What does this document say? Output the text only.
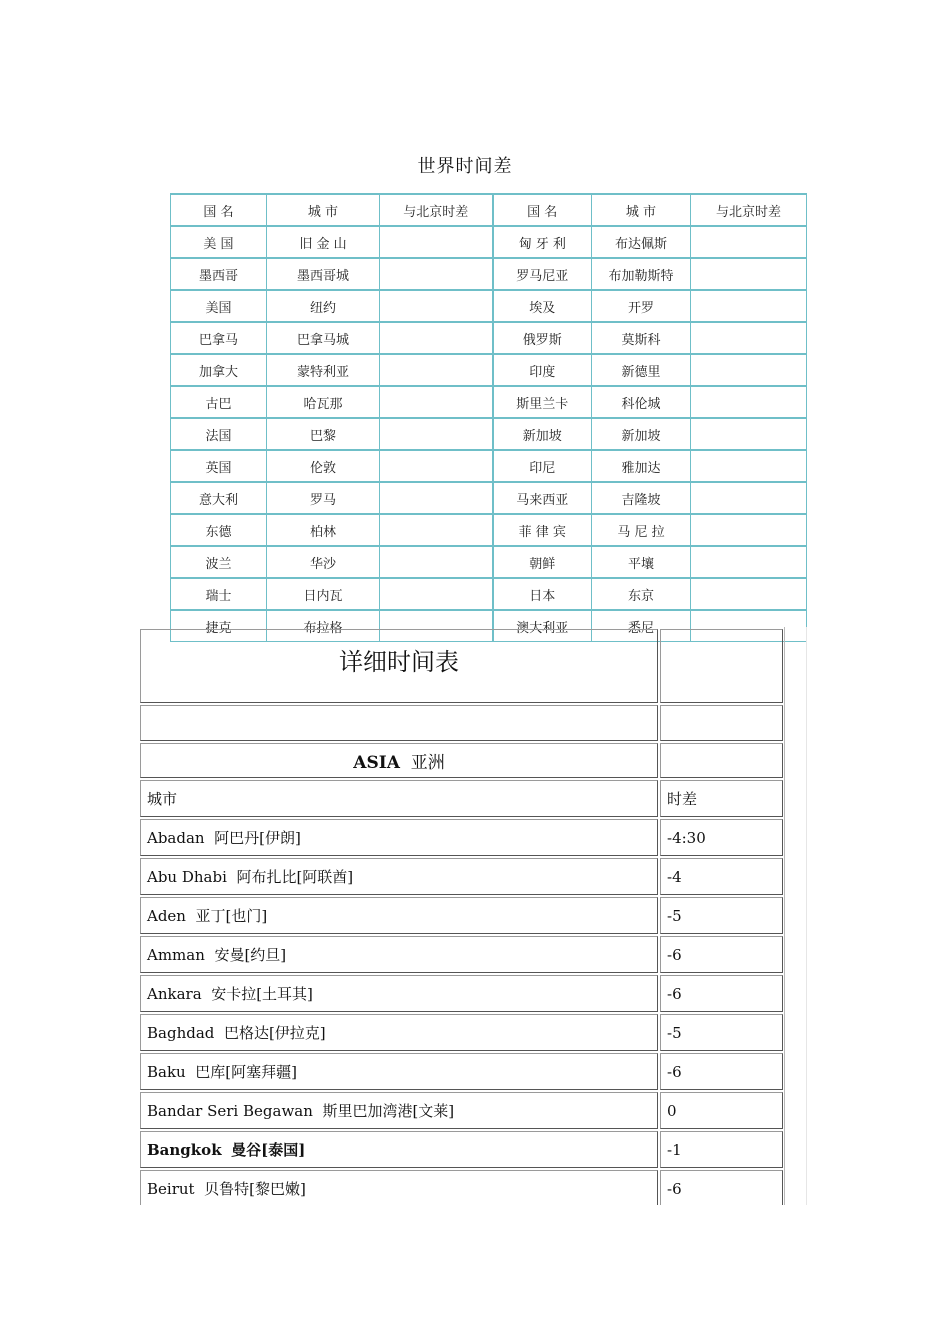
世界时间差
国 名	城 市	与北京时差	国 名	城 市	与北京时差
美 国	旧 金 山		匈 牙 利	布达佩斯	
墨西哥	墨西哥城		罗马尼亚	布加勒斯特	
美国	纽约		埃及	开罗	
巴拿马	巴拿马城		俄罗斯	莫斯科	
加拿大	蒙特利亚		印度	新德里	
古巴	哈瓦那		斯里兰卡	科伦城	
法国	巴黎		新加坡	新加坡	
英国	伦敦		印尼	雅加达	
意大利	罗马		马来西亚	吉隆坡	
东德	柏林		菲 律 宾	马 尼 拉	
波兰	华沙		朝鲜	平壤	
瑞士	日内瓦		日本	东京	
捷克	布拉格		澳大利亚	悉尼	
详细时间表	

ASIA 亚洲	
城市	时差
Abadan 阿巴丹[伊朗]	-4:30
Abu Dhabi 阿布扎比[阿联酋]	-4
Aden 亚丁[也门]	-5
Amman 安曼[约旦]	-6
Ankara 安卡拉[土耳其]	-6
Baghdad 巴格达[伊拉克]	-5
Baku 巴库[阿塞拜疆]	-6
Bandar Seri Begawan 斯里巴加湾港[文莱]	0
Bangkok 曼谷[泰国]	-1
Beirut 贝鲁特[黎巴嫩]	-6
